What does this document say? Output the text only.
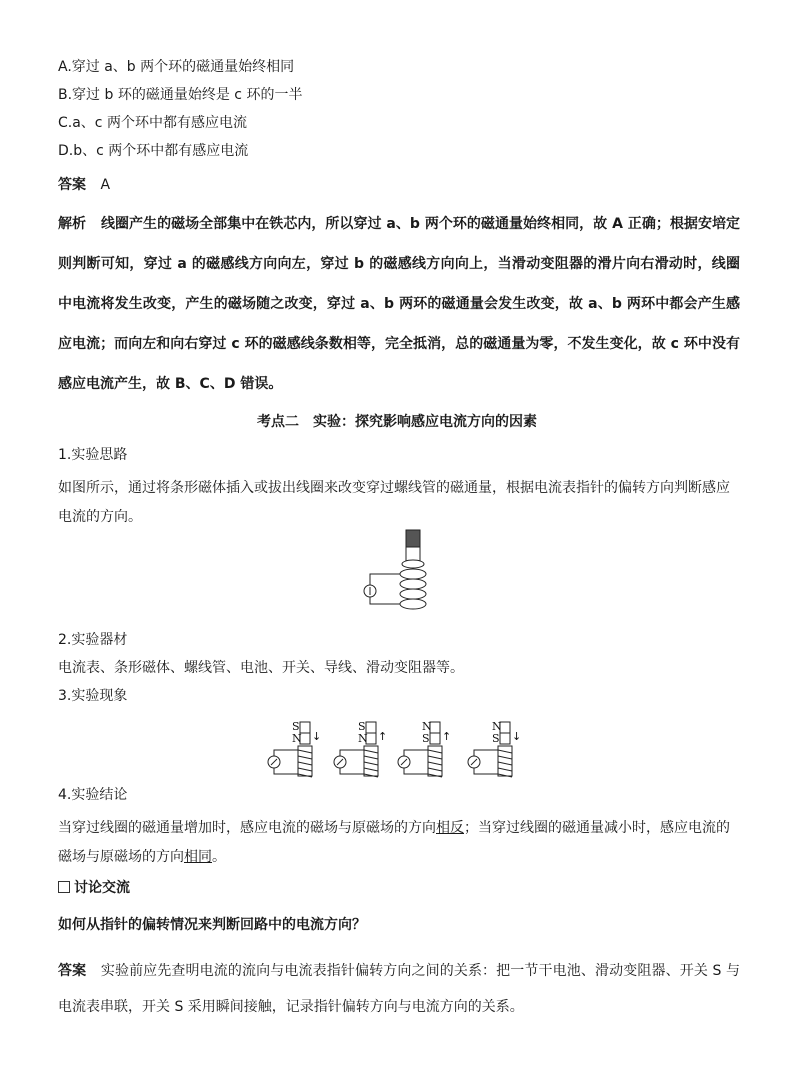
A.穿过 a、b 两个环的磁通量始终相同
B.穿过 b 环的磁通量始终是 c 环的一半
C.a、c 两个环中都有感应电流
D.b、c 两个环中都有感应电流
答案 A
解析 线圈产生的磁场全部集中在铁芯内，所以穿过 a、b 两个环的磁通量始终相同，故 A 正确；根据安培定则判断可知，穿过 a 的磁感线方向向左，穿过 b 的磁感线方向向上，当滑动变阻器的滑片向右滑动时，线圈中电流将发生改变，产生的磁场随之改变，穿过 a、b 两环的磁通量会发生改变，故 a、b 两环中都会产生感应电流；而向左和向右穿过 c 环的磁感线条数相等，完全抵消，总的磁通量为零，不发生变化，故 c 环中没有感应电流产生，故 B、C、D 错误。
考点二　实验：探究影响感应电流方向的因素
1.实验思路
如图所示，通过将条形磁体插入或拔出线圈来改变穿过螺线管的磁通量，根据电流表指针的偏转方向判断感应电流的方向。
2.实验器材
电流表、条形磁体、螺线管、电池、开关、导线、滑动变阻器等。
3.实验现象
S
N ↓
S
N ↑
N
S ↑
N
S ↓
4.实验结论
当穿过线圈的磁通量增加时，感应电流的磁场与原磁场的方向相反；当穿过线圈的磁通量减小时，感应电流的磁场与原磁场的方向相同。
讨论交流
如何从指针的偏转情况来判断回路中的电流方向？
答案 实验前应先查明电流的流向与电流表指针偏转方向之间的关系：把一节干电池、滑动变阻器、开关 S 与电流表串联，开关 S 采用瞬间接触，记录指针偏转方向与电流方向的关系。
